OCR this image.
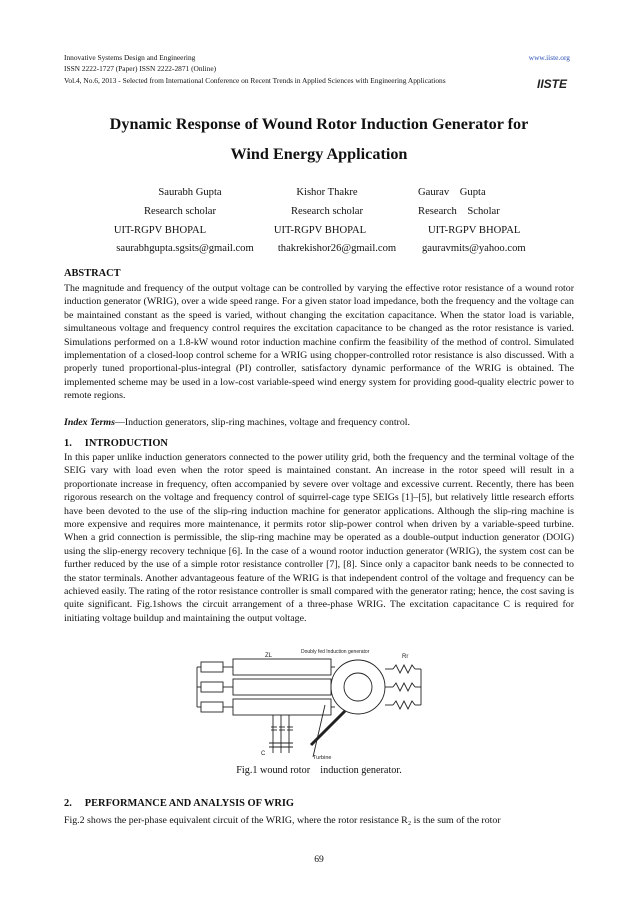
Innovative Systems Design and Engineering
ISSN 2222-1727 (Paper) ISSN 2222-2871 (Online)
Vol.4, No.6, 2013 - Selected from International Conference on Recent Trends in Applied Sciences with Engineering Applications
www.iiste.org
IISTE
Dynamic Response of Wound Rotor Induction Generator for
Wind Energy Application
Saurabh Gupta
Research scholar
UIT-RGPV BHOPAL
saurabhgupta.sgsits@gmail.com
Kishor Thakre
Research scholar
UIT-RGPV BHOPAL
thakrekishor26@gmail.com
Gaurav    Gupta
Research    Scholar
UIT-RGPV BHOPAL
gauravmits@yahoo.com
ABSTRACT
The magnitude and frequency of the output voltage can be controlled by varying the effective rotor resistance of a wound rotor induction generator (WRIG), over a wide speed range. For a given stator load impedance, both the frequency and the voltage can be maintained constant as the speed is varied, without changing the excitation capacitance. When the stator load is variable, simultaneous voltage and frequency control requires the excitation capacitance to be changed as the rotor resistance is varied. Simulations performed on a 1.8-kW wound rotor induction machine confirm the feasibility of the method of control. Simulated implementation of a closed-loop control scheme for a WRIG using chopper-controlled rotor resistance is also discussed. With a properly tuned proportional-plus-integral (PI) controller, satisfactory dynamic performance of the WRIG is obtained. The implemented scheme may be used in a low-cost variable-speed wind energy system for providing good-quality electric power to remote regions.
Index Terms—Induction generators, slip-ring machines, voltage and frequency control.
1.     INTRODUCTION
In this paper unlike induction generators connected to the power utility grid, both the frequency and the terminal voltage of the SEIG vary with load even when the rotor speed is maintained constant. An increase in the rotor speed will result in a proportionate increase in frequency, often accompanied by severe over voltage and excessive current. Recently, there has been rigorous research on the voltage and frequency control of squirrel-cage type SEIGs [1]–[5], but relatively little research efforts have been devoted to the use of the slip-ring induction machine for generator applications. Although the slip-ring machine is more expensive and requires more maintenance, it permits rotor slip-power control when driven by a variable-speed turbine. When a grid connection is permissible, the slip-ring machine may be operated as a double-output induction generator (DOIG) using the slip-energy recovery technique [6]. In the case of a wound rootor induction generator (WRIG), the system cost can be further reduced by the use of a simple rotor resistance controller [7], [8]. Since only a capacitor bank needs to be connected to the stator terminals. Another advantageous feature of the WRIG is that independent control of the voltage and frequency can be achieved easily. The rating of the rotor resistance controller is small compared with the generator rating; hence, the cost saving is quite significant. Fig.1shows the circuit arrangement of a three-phase WRIG. The excitation capacitance C is required for initiating voltage buildup and maintaining the output voltage.
ZL	Rr
Doubly fed Induction generator
C
Turbine
Fig.1 wound rotor    induction generator.
2.     PERFORMANCE AND ANALYSIS OF WRIG
Fig.2 shows the per-phase equivalent circuit of the WRIG, where the rotor resistance R₂ is the sum of the rotor
69
